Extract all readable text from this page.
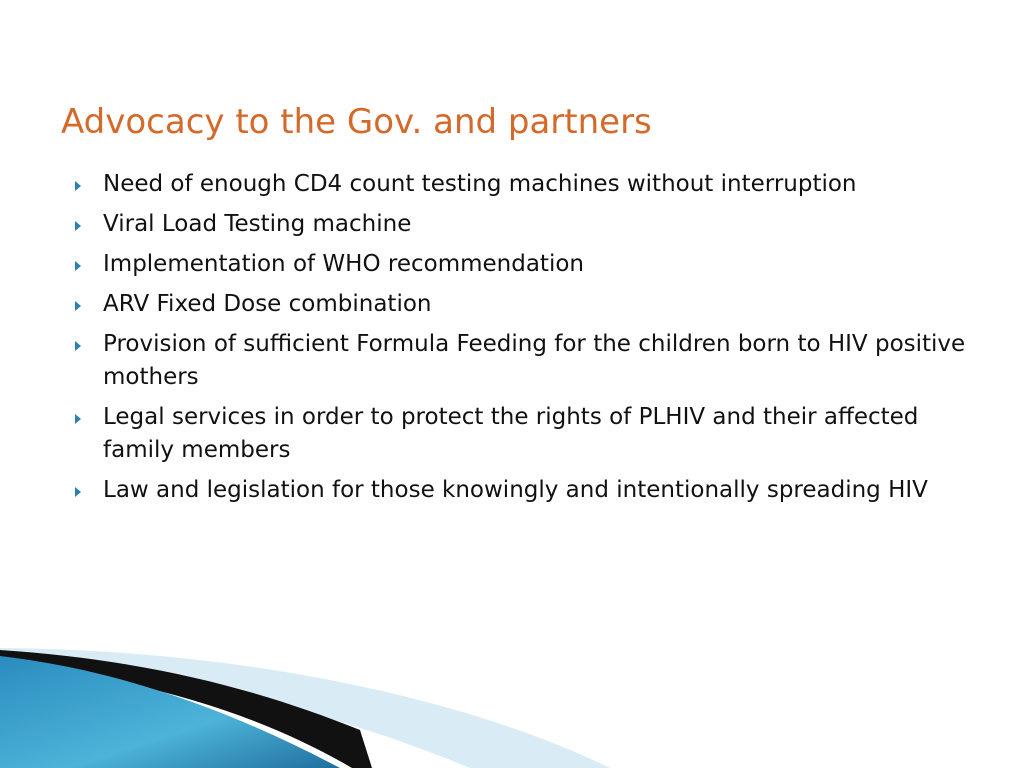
Advocacy to the Gov. and partners
Need of enough CD4 count testing machines without interruption
Viral Load Testing machine
Implementation of WHO recommendation
ARV Fixed Dose combination
Provision of sufficient Formula Feeding for the children born to HIV positive mothers
Legal services in order to protect the rights of PLHIV and their affected family members
Law and legislation for those knowingly and intentionally spreading HIV
